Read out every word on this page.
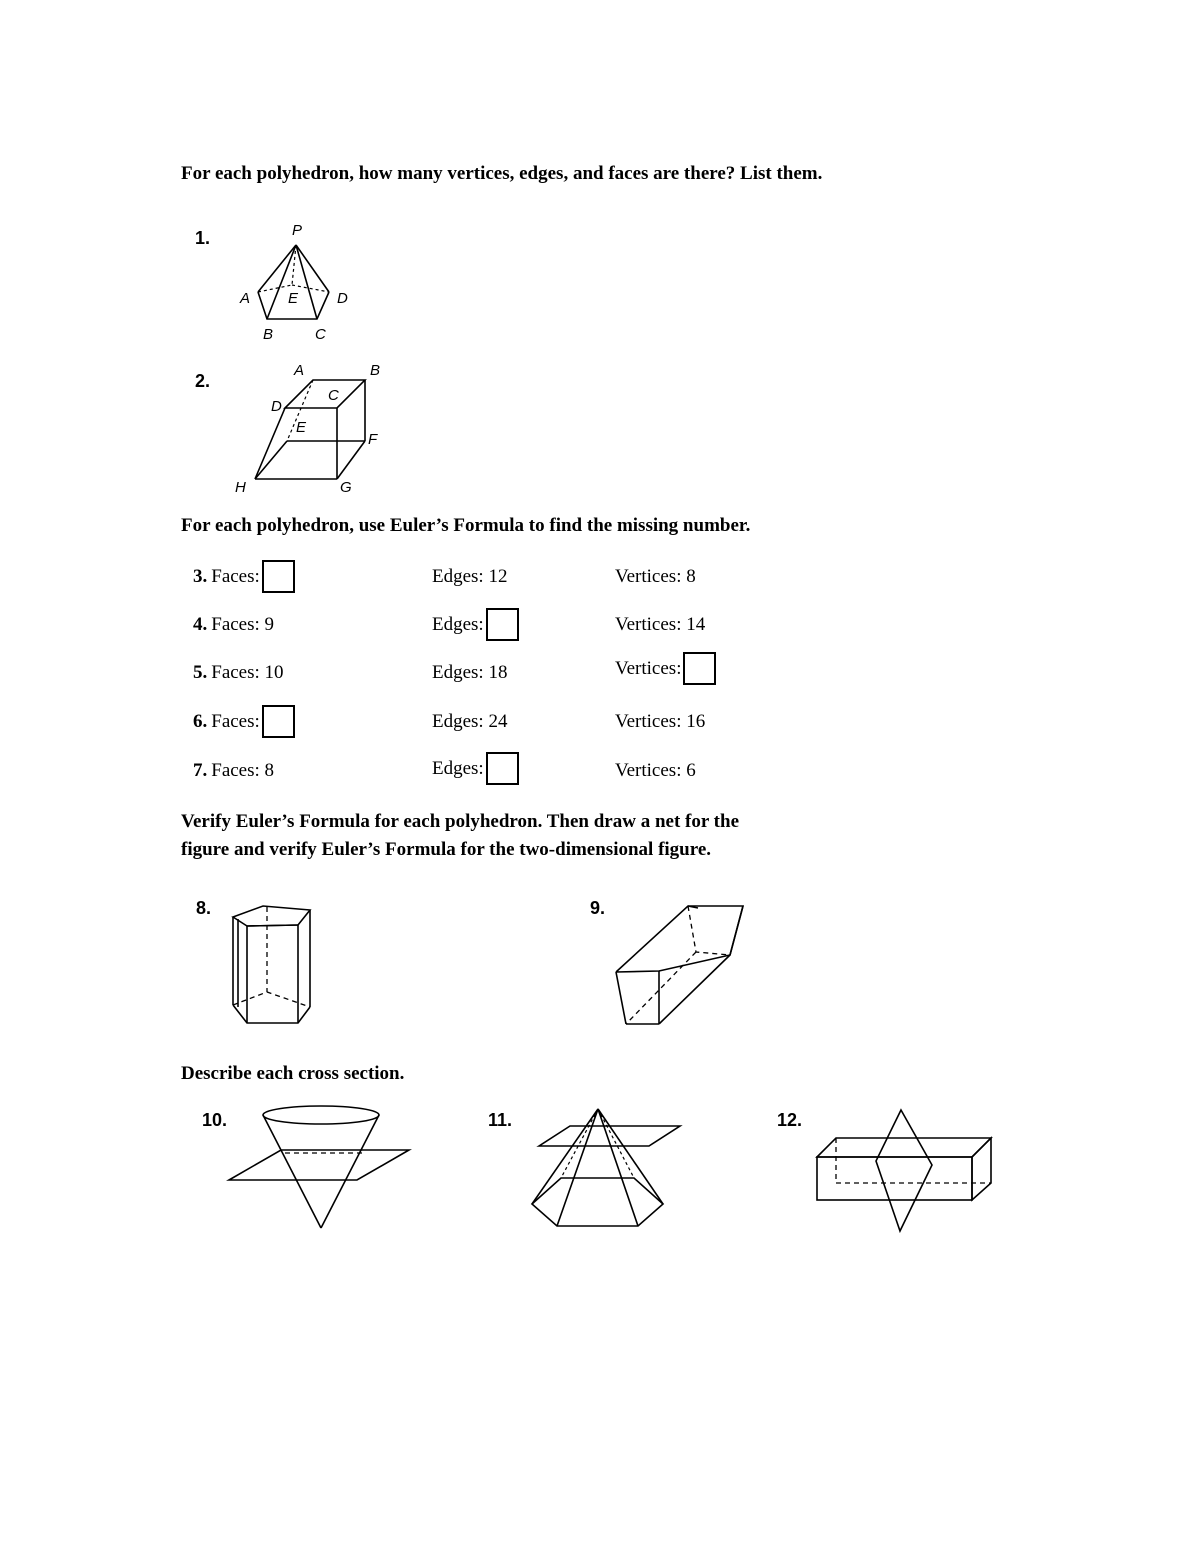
For each polyhedron, how many vertices, edges, and faces are there? List them.
1.	P
A	E	D
B	C
2.
A	B
C
D
E
F
G
H
For each polyhedron, use Euler’s Formula to find the missing number.
3. Faces:	Edges: 12	Vertices: 8
4. Faces: 9	Edges:	Vertices: 14
5. Faces: 10	Edges: 18	Vertices:
6. Faces:	Edges: 24	Vertices: 16
7. Faces: 8	Edges:	Vertices: 6
Verify Euler’s Formula for each polyhedron. Then draw a net for the
figure and verify Euler’s Formula for the two-dimensional figure.
8.	9.
Describe each cross section.
10.	11.	12.
